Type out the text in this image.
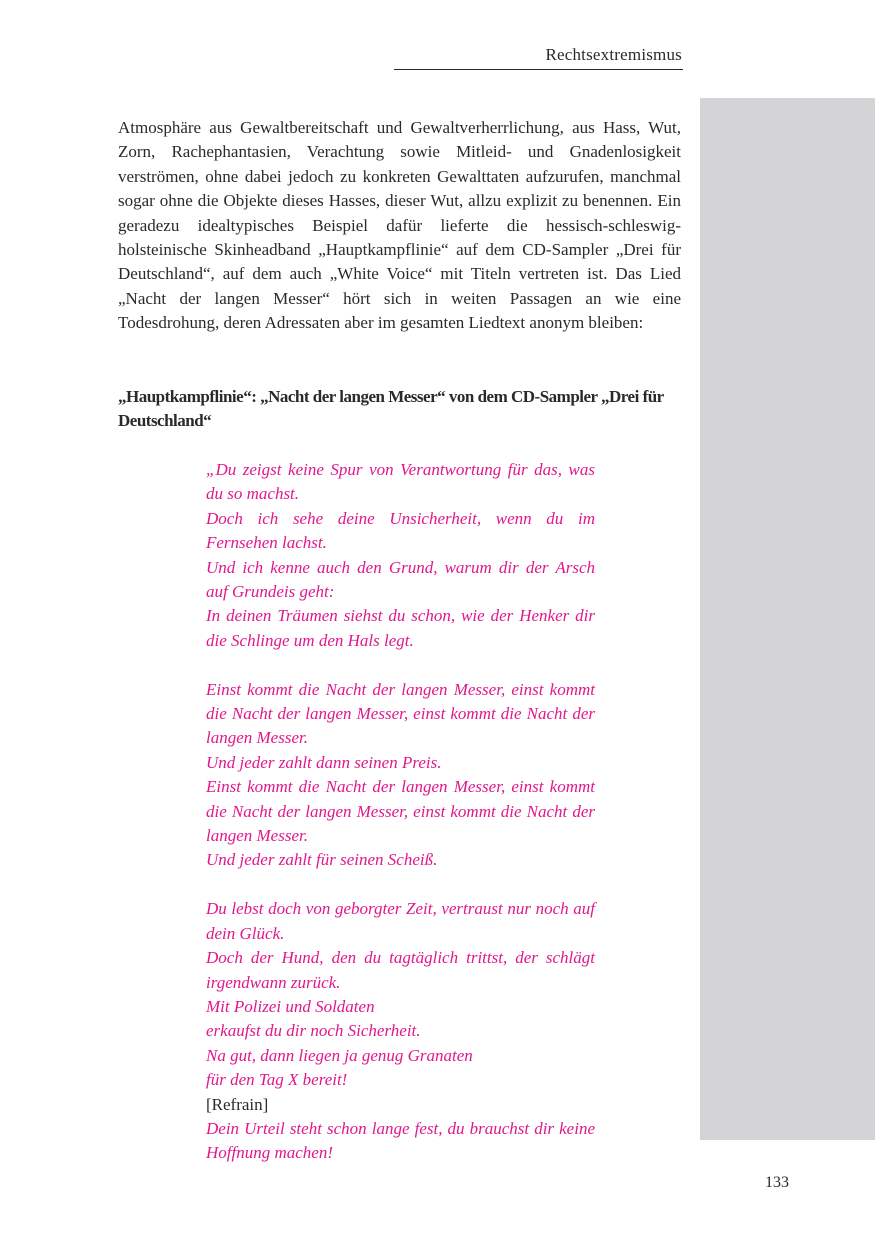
Rechtsextremismus

Atmosphäre aus Gewaltbereitschaft und Gewaltverherrlichung, aus Hass, Wut, Zorn, Rachephantasien, Verachtung sowie Mitleid- und Gnadenlosigkeit verströmen, ohne dabei jedoch zu konkreten Gewalttaten aufzurufen, manchmal sogar ohne die Objekte dieses Hasses, dieser Wut, allzu explizit zu benennen. Ein geradezu idealtypisches Beispiel dafür lieferte die hessisch-schleswig-holsteinische Skinheadband „Hauptkampflinie“ auf dem CD-Sampler „Drei für Deutschland“, auf dem auch „White Voice“ mit Titeln vertreten ist. Das Lied „Nacht der langen Messer“ hört sich in weiten Passagen an wie eine Todesdrohung, deren Adressaten aber im gesamten Liedtext anonym bleiben:

„Hauptkampflinie“: „Nacht der langen Messer“ von dem CD-Sampler „Drei für Deutschland“

„Du zeigst keine Spur von Verantwortung für das, was du so machst.
Doch ich sehe deine Unsicherheit, wenn du im Fernsehen lachst.
Und ich kenne auch den Grund, warum dir der Arsch auf Grundeis geht:
In deinen Träumen siehst du schon, wie der Henker dir die Schlinge um den Hals legt.
Einst kommt die Nacht der langen Messer, einst kommt die Nacht der langen Messer, einst kommt die Nacht der langen Messer.
Und jeder zahlt dann seinen Preis.
Einst kommt die Nacht der langen Messer, einst kommt die Nacht der langen Messer, einst kommt die Nacht der langen Messer.
Und jeder zahlt für seinen Scheiß.
Du lebst doch von geborgter Zeit, vertraust nur noch auf dein Glück.
Doch der Hund, den du tagtäglich trittst, der schlägt irgendwann zurück.
Mit Polizei und Soldaten
erkaufst du dir noch Sicherheit.
Na gut, dann liegen ja genug Granaten
für den Tag X bereit!
[Refrain]
Dein Urteil steht schon lange fest, du brauchst dir keine Hoffnung machen!
133
